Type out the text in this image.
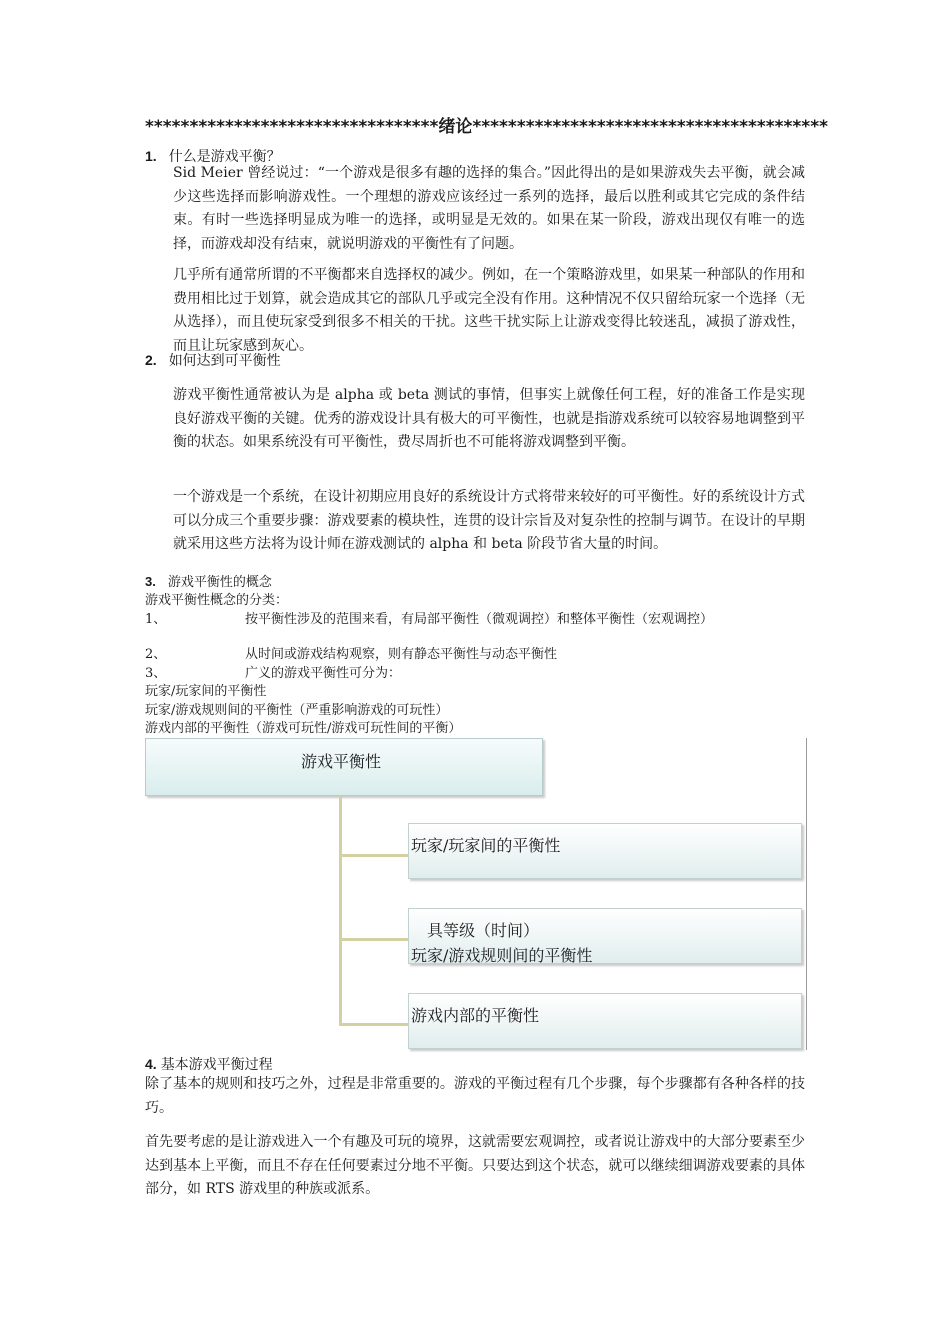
*********************************绪论****************************************
1. 什么是游戏平衡？
Sid Meier 曾经说过：“一个游戏是很多有趣的选择的集合。”因此得出的是如果游戏失去平衡，就会减少这些选择而影响游戏性。一个理想的游戏应该经过一系列的选择，最后以胜利或其它完成的条件结束。有时一些选择明显成为唯一的选择，或明显是无效的。如果在某一阶段，游戏出现仅有唯一的选择，而游戏却没有结束，就说明游戏的平衡性有了问题。
几乎所有通常所谓的不平衡都来自选择权的减少。例如，在一个策略游戏里，如果某一种部队的作用和费用相比过于划算，就会造成其它的部队几乎或完全没有作用。这种情况不仅只留给玩家一个选择（无从选择），而且使玩家受到很多不相关的干扰。这些干扰实际上让游戏变得比较迷乱，减损了游戏性，而且让玩家感到灰心。
2. 如何达到可平衡性
游戏平衡性通常被认为是 alpha 或 beta 测试的事情，但事实上就像任何工程，好的准备工作是实现良好游戏平衡的关键。优秀的游戏设计具有极大的可平衡性，也就是指游戏系统可以较容易地调整到平衡的状态。如果系统没有可平衡性，费尽周折也不可能将游戏调整到平衡。
一个游戏是一个系统，在设计初期应用良好的系统设计方式将带来较好的可平衡性。好的系统设计方式可以分成三个重要步骤：游戏要素的模块性，连贯的设计宗旨及对复杂性的控制与调节。在设计的早期就采用这些方法将为设计师在游戏测试的 alpha 和 beta 阶段节省大量的时间。
3. 游戏平衡性的概念
游戏平衡性概念的分类：
1、	按平衡性涉及的范围来看，有局部平衡性（微观调控）和整体平衡性（宏观调控）
2、	从时间或游戏结构观察，则有静态平衡性与动态平衡性
3、	广义的游戏平衡性可分为：
玩家/玩家间的平衡性
玩家/游戏规则间的平衡性（严重影响游戏的可玩性）
游戏内部的平衡性（游戏可玩性/游戏可玩性间的平衡）
游戏平衡性
玩家/玩家间的平衡性
具等级（时间）
玩家/游戏规则间的平衡性
游戏内部的平衡性
4. 基本游戏平衡过程
除了基本的规则和技巧之外，过程是非常重要的。游戏的平衡过程有几个步骤，每个步骤都有各种各样的技巧。
首先要考虑的是让游戏进入一个有趣及可玩的境界，这就需要宏观调控，或者说让游戏中的大部分要素至少达到基本上平衡，而且不存在任何要素过分地不平衡。只要达到这个状态，就可以继续细调游戏要素的具体部分，如 RTS 游戏里的种族或派系。
